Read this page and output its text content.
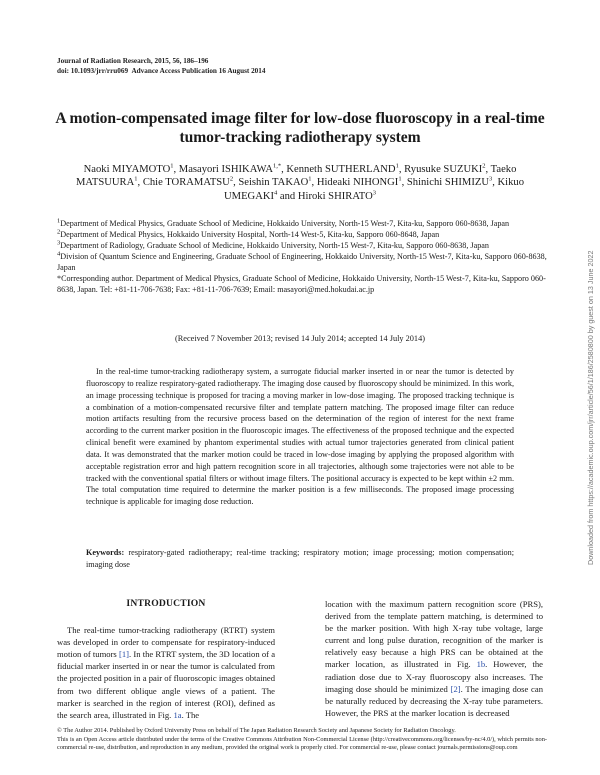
Journal of Radiation Research, 2015, 56, 186–196
doi: 10.1093/jrr/rru069 Advance Access Publication 16 August 2014
A motion-compensated image filter for low-dose fluoroscopy in a real-time tumor-tracking radiotherapy system
Naoki MIYAMOTO$^1$, Masayori $ISHIKAWA^{1,*}$, Kenneth SUTHERLAND$^1$, Ryusuke SUZUKI$^2$, Taeko MATSUURA$^1$, Chie TORAMATSU$^2$, Seishin TAKAO$^1$, Hideaki NIHONGI$^1$, Shinichi SHIMIZU$^3$, Kikuo UMEGAKI$^4$ and Hiroki SHIRATO$^3$

$^1$Department of Medical Physics, Graduate School of Medicine, Hokkaido University, North-15 West-7, Kita-ku, Sapporo 060-8638, Japan

$^2$Department of Medical Physics, Hokkaido University Hospital, North-14 West-5, Kita-ku, Sapporo 060-8648, Japan

$^3$Department of Radiology, Graduate School of Medicine, Hokkaido University, North-15 West-7, Kita-ku, Sapporo 060-8638, Japan

$^4$Division of Quantum Science and Engineering, Graduate School of Engineering, Hokkaido University, North-15 West-7, Kita-ku, Sapporo 060-8638, Japan

*Corresponding author. Department of Medical Physics, Graduate School of Medicine, Hokkaido University, North-15 West-7, Kita-ku, Sapporo 060-8638, Japan. Tel: +81-11-706-7638; Fax: +81-11-706-7639; Email: masayori@med.hokudai.ac.jp

(Received 7 November 2013; revised 14 July 2014; accepted 14 July 2014)
In the real-time tumor-tracking radiotherapy system, a surrogate fiducial marker inserted in or near the tumor is detected by fluoroscopy to realize respiratory-gated radiotherapy. The imaging dose caused by fluoroscopy should be minimized. In this work, an image processing technique is proposed for tracing a moving marker in low-dose imaging. The proposed tracking technique is a combination of a motion-compensated recursive filter and template pattern matching. The proposed image filter can reduce motion artifacts resulting from the recursive process based on the determination of the region of interest for the next frame according to the current marker position in the fluoroscopic images. The effectiveness of the proposed technique and the expected clinical benefit were examined by phantom experimental studies with actual tumor trajectories generated from clinical patient data. It was demonstrated that the marker motion could be traced in low-dose imaging by applying the proposed algorithm with acceptable registration error and high pattern recognition score in all trajectories, although some trajectories were not able to be tracked with the conventional spatial filters or without image filters. The positional accuracy is expected to be kept within ±2 mm. The total computation time required to determine the marker position is a few milliseconds. The proposed image processing technique is applicable for imaging dose reduction.
Keywords: respiratory-gated radiotherapy; real-time tracking; respiratory motion; image processing; motion compensation; imaging dose
INTRODUCTION

The real-time tumor-tracking radiotherapy (RTRT) system was developed in order to compensate for respiratory-induced motion of tumors [1]. In the RTRT system, the 3D location of a fiducial marker inserted in or near the tumor is calculated from the projected position in a pair of fluoroscopic images obtained from two different oblique angle views of a patient. The marker is searched in the region of interest (ROI), defined as the search area, illustrated in Fig. 1a. The

location with the maximum pattern recognition score (PRS), derived from the template pattern matching, is determined to be the marker position. With high X-ray tube voltage, large current and long pulse duration, recognition of the marker is relatively easy because a high PRS can be obtained at the marker location, as illustrated in Fig. 1b. However, the radiation dose due to X-ray fluoroscopy also increases. The imaging dose should be minimized [2]. The imaging dose can be naturally reduced by decreasing the X-ray tube parameters. However, the PRS at the marker location is decreased

© The Author 2014. Published by Oxford University Press on behalf of The Japan Radiation Research Society and Japanese Society for Radiation Oncology.

This is an Open Access article distributed under the terms of the Creative Commons Attribution Non-Commercial License (http://creativecommons.org/licenses/by-nc/4.0/), which permits non-commercial re-use, distribution, and reproduction in any medium, provided the original work is properly cited. For commercial re-use, please contact journals.permissions@oup.com

Downloaded from https://academic.oup.com/jrr/article/56/1/186/2580800 by guest on 13 June 2022
